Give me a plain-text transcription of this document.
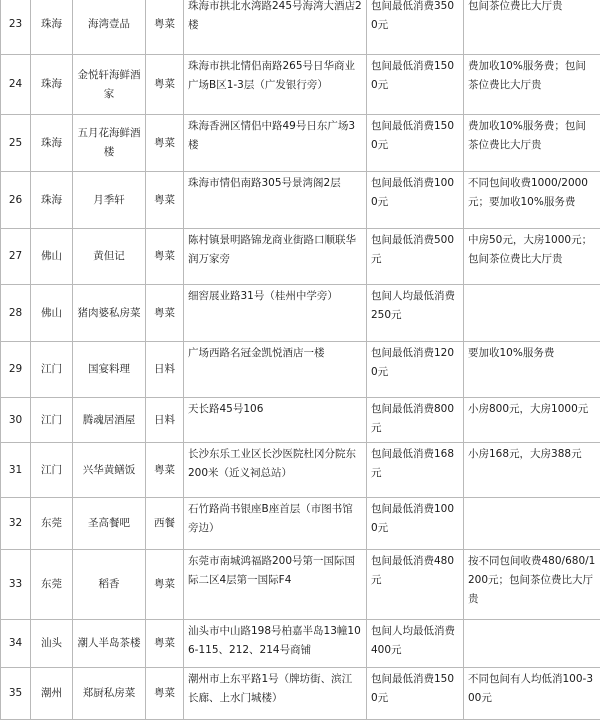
23	珠海	海湾壹品	粤菜	珠海市拱北水湾路245号海湾大酒店2楼	包间最低消费3500元	包间茶位费比大厅贵
24	珠海	金悦轩海鲜酒家	粤菜	珠海市拱北情侣南路265号日华商业广场B区1-3层（广发银行旁）	包间最低消费1500元	费加收10%服务费；包间茶位费比大厅贵
25	珠海	五月花海鲜酒楼	粤菜	珠海香洲区情侣中路49号日东广场3楼	包间最低消费1500元	费加收10%服务费；包间茶位费比大厅贵
26	珠海	月季轩	粤菜	珠海市情侣南路305号景湾阁2层	包间最低消费1000元	不同包间收费1000/2000元；要加收10%服务费
27	佛山	黄但记	粤菜	陈村镇景明路锦龙商业街路口顺联华润万家旁	包间最低消费500元	中房50元，大房1000元；包间茶位费比大厅贵
28	佛山	猪肉婆私房菜	粤菜	细窖展业路31号（桂州中学旁）	包间人均最低消费250元	
29	江门	国宴料理	日料	广场西路名冠金凯悦酒店一楼	包间最低消费1200元	要加收10%服务费
30	江门	腾魂居酒屋	日料	天长路45号106	包间最低消费800元	小房800元，大房1000元
31	江门	兴华黄鳝饭	粤菜	长沙东乐工业区长沙医院杜冈分院东200米（近义祠总站）	包间最低消费168元	小房168元，大房388元
32	东莞	圣高餐吧	西餐	石竹路尚书银座B座首层（市图书馆旁边）	包间最低消费1000元	
33	东莞	稻香	粤菜	东莞市南城鸿福路200号第一国际国际二区4层第一国际F4	包间最低消费480元	按不同包间收费480/680/1200元；包间茶位费比大厅贵
34	汕头	潮人半岛茶楼	粤菜	汕头市中山路198号柏嘉半岛13幢106-115、212、214号商铺	包间人均最低消费400元	
35	潮州	郑厨私房菜	粤菜	潮州市上东平路1号（牌坊街、滨江长廊、上水门城楼）	包间最低消费1500元	不同包间有人均低消100-300元
